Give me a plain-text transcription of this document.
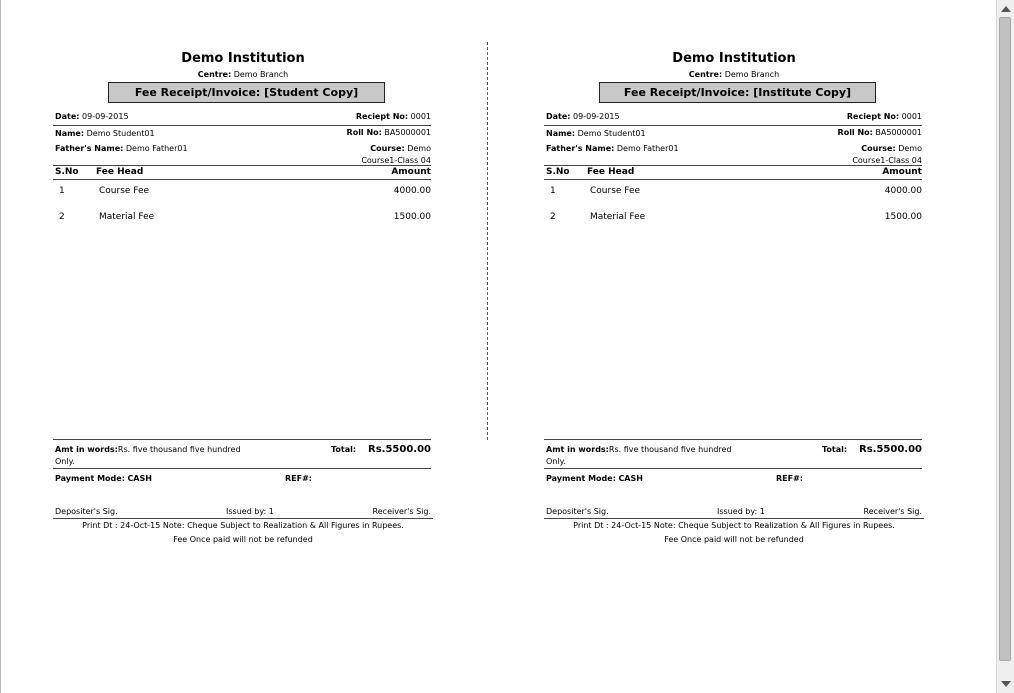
Demo Institution
Centre: Demo Branch
Fee Receipt/Invoice: [Student Copy]
Date: 09-09-2015	Reciept No: 0001
Name: Demo Student01	Roll No: BA5000001
Father's Name: Demo Father01	Course: Demo
Course1-Class 04
S.No Fee Head	Amount
1	Course Fee	4000.00
2	Material Fee	1500.00
Amt in words:Rs. five thousand five hundred
Only.
Total: Rs.5500.00
Payment Mode: CASH	REF#:
Depositer's Sig.	Issued by: 1	Receiver's Sig.
Print Dt : 24-Oct-15 Note: Cheque Subject to Realization & All Figures in Rupees.
Fee Once paid will not be refunded
Demo Institution
Centre: Demo Branch
Fee Receipt/Invoice: [Institute Copy]
Date: 09-09-2015	Reciept No: 0001
Name: Demo Student01	Roll No: BA5000001
Father's Name: Demo Father01	Course: Demo
Course1-Class 04
S.No Fee Head	Amount
1	Course Fee	4000.00
2	Material Fee	1500.00
Amt in words:Rs. five thousand five hundred
Only.
Total: Rs.5500.00
Payment Mode: CASH	REF#:
Depositer's Sig.	Issued by: 1	Receiver's Sig.
Print Dt : 24-Oct-15 Note: Cheque Subject to Realization & All Figures in Rupees.
Fee Once paid will not be refunded
